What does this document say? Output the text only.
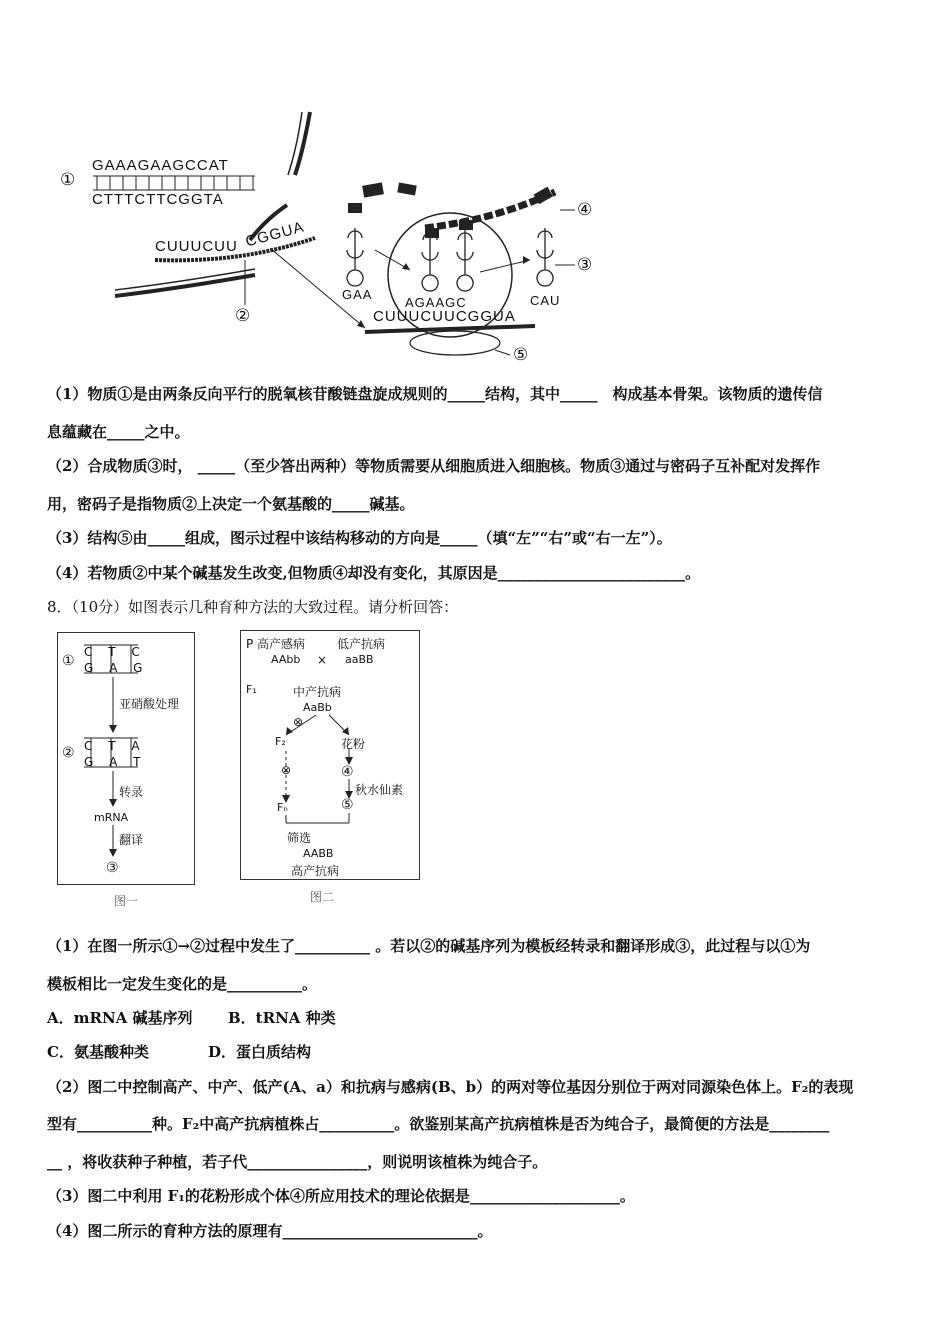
①
GAAAGAAGCCAT
CTTTCTTCGGTA
CUUUCUU CGGUA
②
GAA
AGAAGC	CAU
CUUUCUUCGGUA
④
③
⑤
（1）物质①是由两条反向平行的脱氧核苷酸链盘旋成规则的_____结构，其中_____　构成基本骨架。该物质的遗传信
息蕴藏在_____之中。
（2）合成物质③时， _____（至少答出两种）等物质需要从细胞质进入细胞核。物质③通过与密码子互补配对发挥作
用，密码子是指物质②上决定一个氨基酸的_____碱基。
（3）结构⑤由_____组成，图示过程中该结构移动的方向是_____（填“左”“右”或“右一左”）。
（4）若物质②中某个碱基发生改变,但物质④却没有变化，其原因是_________________________。
8．（10分）如图表示几种育种方法的大致过程。请分析回答：
①
C T C
G A G
亚硝酸处理
② C T A
G A T
转录
mRNA
翻译
③
图一
P 高产感病	低产抗病
AAbb × aaBB
F₁	中产抗病
AaBb
⊗
F₂	花粉
⊗	④
秋水仙素
⑤
Fₙ
筛选
AABB
高产抗病
图二
（1）在图一所示①→②过程中发生了__________ 。若以②的碱基序列为模板经转录和翻译形成③，此过程与以①为
模板相比一定发生变化的是__________。
A．mRNA 碱基序列 B．tRNA 种类
C．氨基酸种类	D．蛋白质结构
（2）图二中控制高产、中产、低产(A、a）和抗病与感病(B、b）的两对等位基因分别位于两对同源染色体上。F₂的表现
型有__________种。F₂中高产抗病植株占__________。欲鉴别某高产抗病植株是否为纯合子，最简便的方法是________
__ ，将收获种子种植，若子代________________，则说明该植株为纯合子。
（3）图二中利用 F₁的花粉形成个体④所应用技术的理论依据是____________________。
（4）图二所示的育种方法的原理有__________________________。
